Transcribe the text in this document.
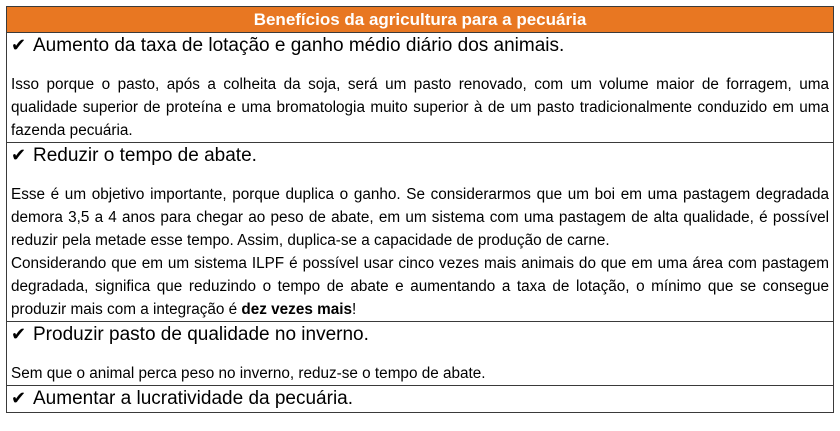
Benefícios da agricultura para a pecuária
✔ Aumento da taxa de lotação e ganho médio diário dos animais.
Isso porque o pasto, após a colheita da soja, será um pasto renovado, com um volume maior de forragem, uma qualidade superior de proteína e uma bromatologia muito superior à de um pasto tradicionalmente conduzido em uma fazenda pecuária.
✔ Reduzir o tempo de abate.
Esse é um objetivo importante, porque duplica o ganho. Se considerarmos que um boi em uma pastagem degradada demora 3,5 a 4 anos para chegar ao peso de abate, em um sistema com uma pastagem de alta qualidade, é possível reduzir pela metade esse tempo. Assim, duplica-se a capacidade de produção de carne.
Considerando que em um sistema ILPF é possível usar cinco vezes mais animais do que em uma área com pastagem degradada, significa que reduzindo o tempo de abate e aumentando a taxa de lotação, o mínimo que se consegue produzir mais com a integração é dez vezes mais!
✔ Produzir pasto de qualidade no inverno.
Sem que o animal perca peso no inverno, reduz-se o tempo de abate.
✔ Aumentar a lucratividade da pecuária.
